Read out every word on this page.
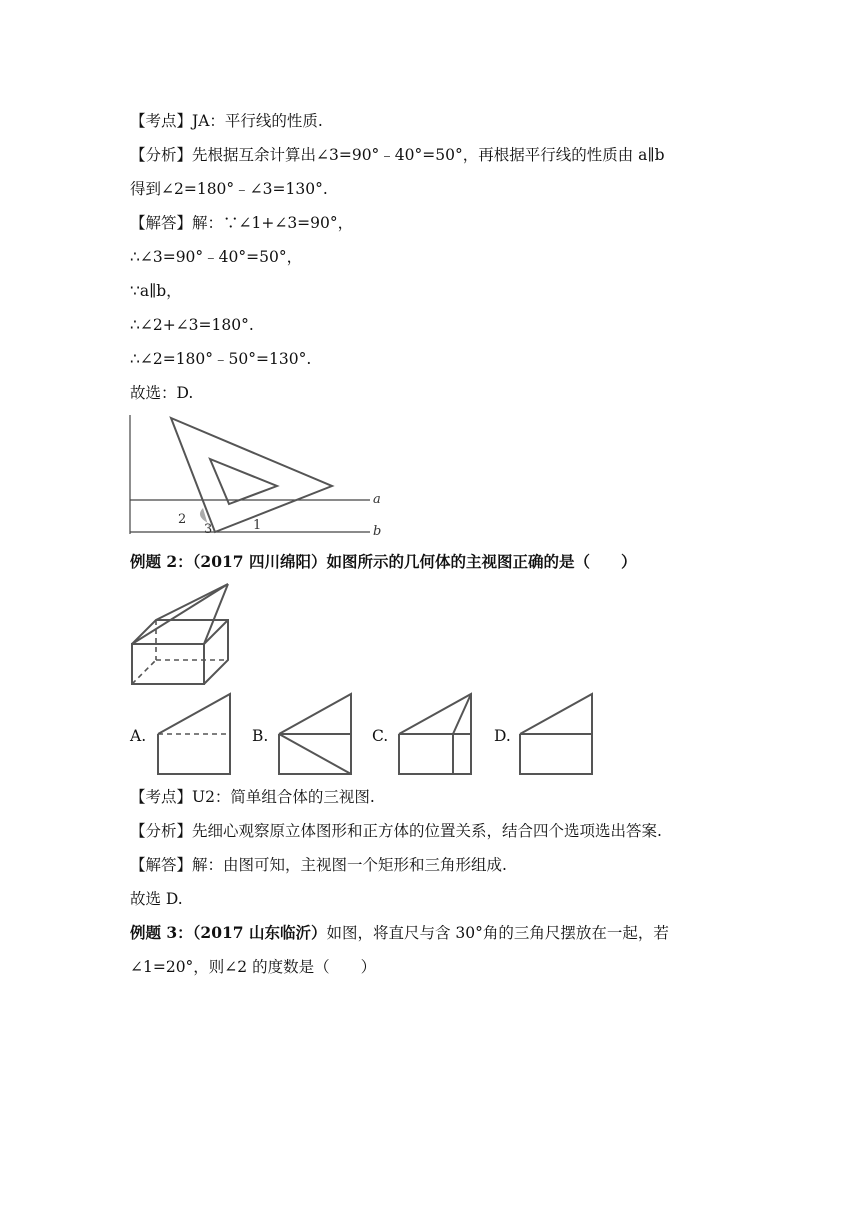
【考点】JA：平行线的性质.
【分析】先根据互余计算出∠3=90°﹣40°=50°，再根据平行线的性质由 a∥b
得到∠2=180°﹣∠3=130°.
【解答】解：∵∠1+∠3=90°，
∴∠3=90°﹣40°=50°，
∵a∥b，
∴∠2+∠3=180°.
∴∠2=180°﹣50°=130°.
故选：D.
a
b
1
2
3
例题 2：（2017 四川绵阳）如图所示的几何体的主视图正确的是（　　）
A.	B.	C.	D.
【考点】U2：简单组合体的三视图.
【分析】先细心观察原立体图形和正方体的位置关系，结合四个选项选出答案.
【解答】解：由图可知，主视图一个矩形和三角形组成.
故选 D.
例题 3：（2017 山东临沂）如图，将直尺与含 30°角的三角尺摆放在一起，若
∠1=20°，则∠2 的度数是（　　）
